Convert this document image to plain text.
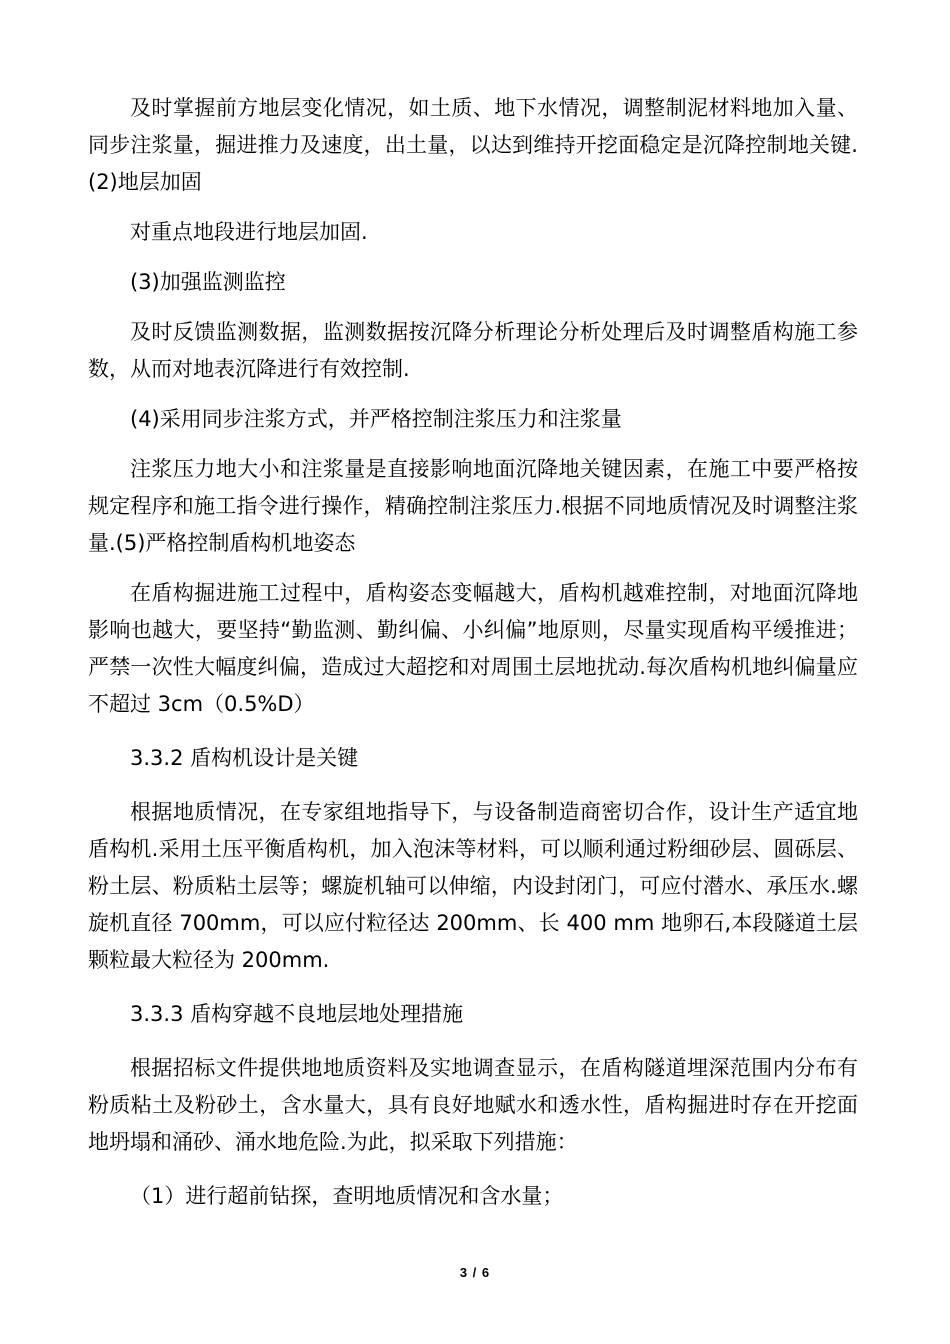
及时掌握前方地层变化情况，如土质、地下水情况，调整制泥材料地加入量、同步注浆量，掘进推力及速度，出土量，以达到维持开挖面稳定是沉降控制地关键.(2)地层加固

对重点地段进行地层加固.

(3)加强监测监控

及时反馈监测数据，监测数据按沉降分析理论分析处理后及时调整盾构施工参数，从而对地表沉降进行有效控制.

(4)采用同步注浆方式，并严格控制注浆压力和注浆量

注浆压力地大小和注浆量是直接影响地面沉降地关键因素，在施工中要严格按规定程序和施工指令进行操作，精确控制注浆压力.根据不同地质情况及时调整注浆量.(5)严格控制盾构机地姿态

在盾构掘进施工过程中，盾构姿态变幅越大，盾构机越难控制，对地面沉降地影响也越大，要坚持“勤监测、勤纠偏、小纠偏”地原则，尽量实现盾构平缓推进；严禁一次性大幅度纠偏，造成过大超挖和对周围土层地扰动.每次盾构机地纠偏量应不超过 3cm（0.5%D）

3.3.2 盾构机设计是关键

根据地质情况，在专家组地指导下，与设备制造商密切合作，设计生产适宜地盾构机.采用土压平衡盾构机，加入泡沫等材料，可以顺利通过粉细砂层、圆砾层、粉土层、粉质粘土层等；螺旋机轴可以伸缩，内设封闭门，可应付潜水、承压水.螺旋机直径 700mm，可以应付粒径达 200mm、长 400 mm 地卵石,本段隧道土层颗粒最大粒径为 200mm.

3.3.3 盾构穿越不良地层地处理措施

根据招标文件提供地地质资料及实地调查显示，在盾构隧道埋深范围内分布有粉质粘土及粉砂土，含水量大，具有良好地赋水和透水性，盾构掘进时存在开挖面地坍塌和涌砂、涌水地危险.为此，拟采取下列措施：

（1）进行超前钻探，查明地质情况和含水量；

3 / 6
